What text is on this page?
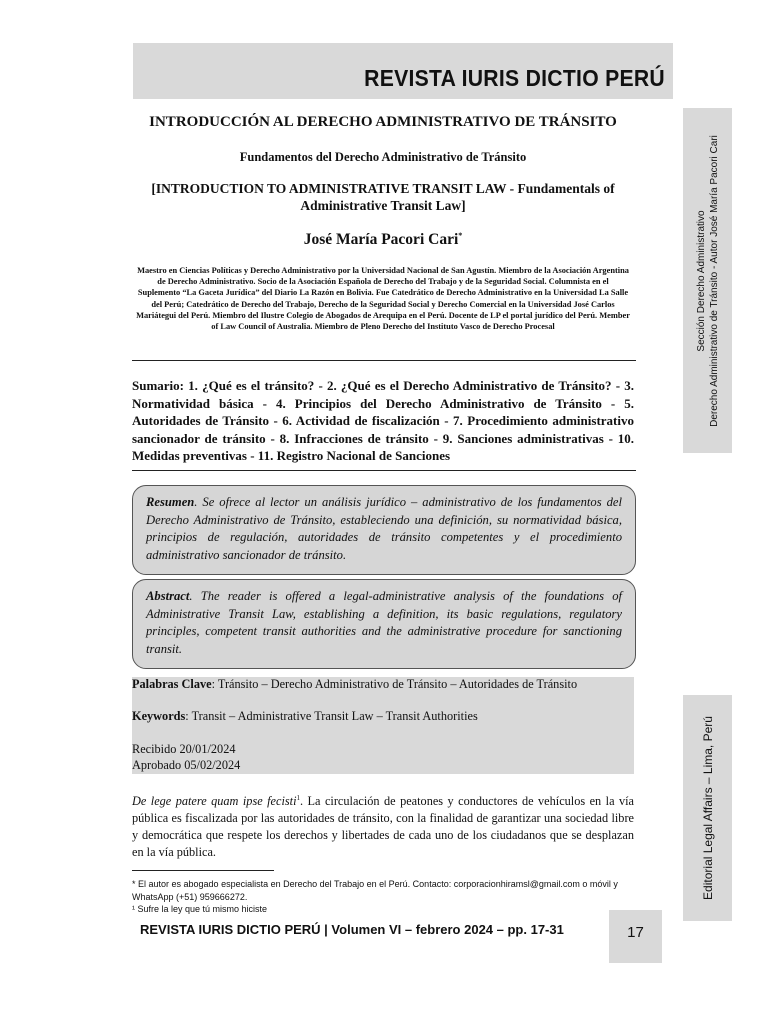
REVISTA IURIS DICTIO PERÚ
INTRODUCCIÓN AL DERECHO ADMINISTRATIVO DE TRÁNSITO
Fundamentos del Derecho Administrativo de Tránsito
[INTRODUCTION TO ADMINISTRATIVE TRANSIT LAW - Fundamentals of Administrative Transit Law]
José María Pacori Cari*
Maestro en Ciencias Políticas y Derecho Administrativo por la Universidad Nacional de San Agustín. Miembro de la Asociación Argentina de Derecho Administrativo. Socio de la Asociación Española de Derecho del Trabajo y de la Seguridad Social. Columnista en el Suplemento “La Gaceta Jurídica” del Diario La Razón en Bolivia. Fue Catedrático de Derecho Administrativo en la Universidad La Salle del Perú; Catedrático de Derecho del Trabajo, Derecho de la Seguridad Social y Derecho Comercial en la Universidad José Carlos Mariátegui del Perú. Miembro del Ilustre Colegio de Abogados de Arequipa en el Perú. Docente de LP el portal jurídico del Perú. Member of Law Council of Australia. Miembro de Pleno Derecho del Instituto Vasco de Derecho Procesal
Sumario: 1. ¿Qué es el tránsito? - 2. ¿Qué es el Derecho Administrativo de Tránsito? - 3. Normatividad básica - 4. Principios del Derecho Administrativo de Tránsito - 5. Autoridades de Tránsito - 6. Actividad de fiscalización - 7. Procedimiento administrativo sancionador de tránsito - 8. Infracciones de tránsito - 9. Sanciones administrativas - 10. Medidas preventivas - 11. Registro Nacional de Sanciones
Resumen. Se ofrece al lector un análisis jurídico – administrativo de los fundamentos del Derecho Administrativo de Tránsito, estableciendo una definición, su normatividad básica, principios de regulación, autoridades de tránsito competentes y el procedimiento administrativo sancionador de tránsito.
Abstract. The reader is offered a legal-administrative analysis of the foundations of Administrative Transit Law, establishing a definition, its basic regulations, regulatory principles, competent transit authorities and the administrative procedure for sanctioning transit.
Palabras Clave: Tránsito – Derecho Administrativo de Tránsito – Autoridades de Tránsito
Keywords: Transit – Administrative Transit Law – Transit Authorities
Recibido 20/01/2024
Aprobado 05/02/2024
De lege patere quam ipse fecisti$^1$. La circulación de peatones y conductores de vehículos en la vía pública es fiscalizada por las autoridades de tránsito, con la finalidad de garantizar una sociedad libre y democrática que respete los derechos y libertades de cada uno de los ciudadanos que se desplazan en la vía pública.
* El autor es abogado especialista en Derecho del Trabajo en el Perú. Contacto: corporacionhiramsl@gmail.com o móvil y WhatsApp (+51) 959666272.
¹ Sufre la ley que tú mismo hiciste
REVISTA IURIS DICTIO PERÚ | Volumen VI – febrero 2024 – pp. 17-31	17
Sección Derecho Administrativo Derecho Administrativo de Tránsito - Autor José María Pacori Cari
Editorial Legal Affairs – Lima, Perú
